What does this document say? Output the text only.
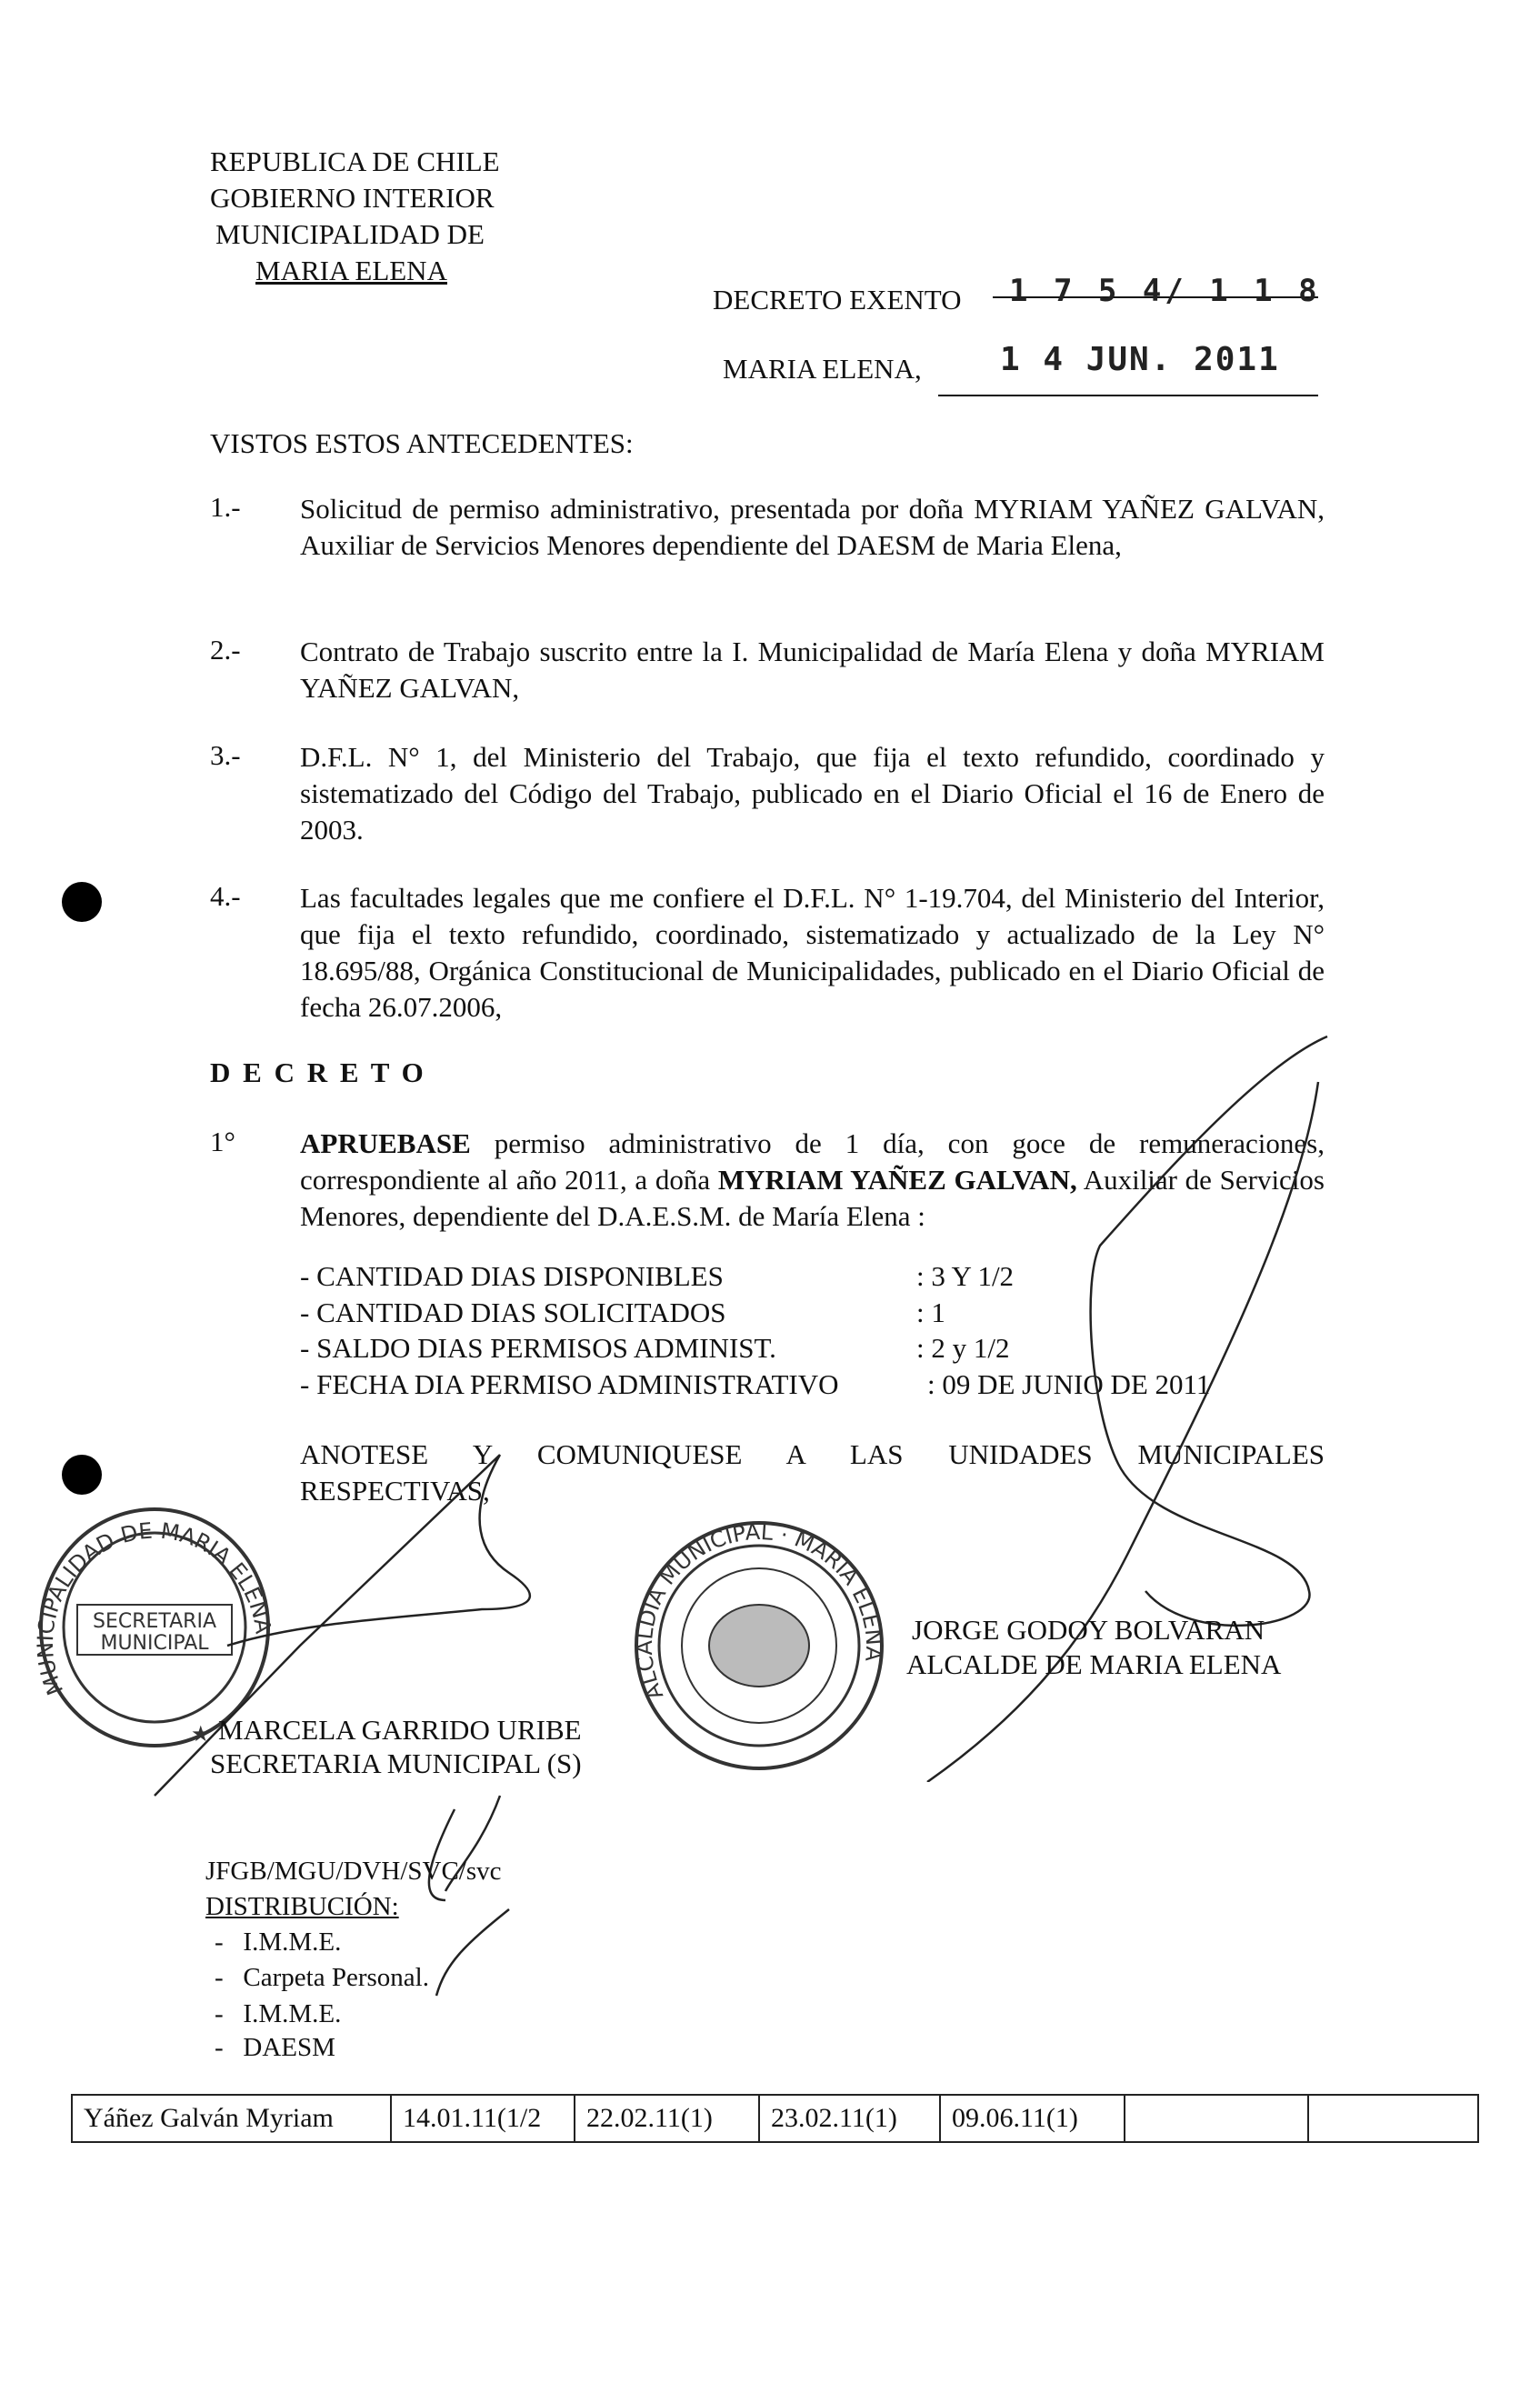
REPUBLICA DE CHILE
GOBIERNO INTERIOR
MUNICIPALIDAD DE
MARIA ELENA
DECRETO EXENTO 1 7 5 4/ 1 1 8
MARIA ELENA, 1 4 JUN. 2011
VISTOS ESTOS ANTECEDENTES:
1.- Solicitud de permiso administrativo, presentada por doña MYRIAM YAÑEZ GALVAN, Auxiliar de Servicios Menores dependiente del DAESM de Maria Elena,
2.- Contrato de Trabajo suscrito entre la I. Municipalidad de María Elena y doña MYRIAM YAÑEZ GALVAN,
3.- D.F.L. N° 1, del Ministerio del Trabajo, que fija el texto refundido, coordinado y sistematizado del Código del Trabajo, publicado en el Diario Oficial el 16 de Enero de 2003.
4.- Las facultades legales que me confiere el D.F.L. N° 1-19.704, del Ministerio del Interior, que fija el texto refundido, coordinado, sistematizado y actualizado de la Ley N° 18.695/88, Orgánica Constitucional de Municipalidades, publicado en el Diario Oficial de fecha 26.07.2006,
D E C R E T O
1° APRUEBASE permiso administrativo de 1 día, con goce de remuneraciones, correspondiente al año 2011, a doña MYRIAM YAÑEZ GALVAN, Auxiliar de Servicios Menores, dependiente del D.A.E.S.M. de María Elena :
- CANTIDAD DIAS DISPONIBLES	: 3 Y 1/2
- CANTIDAD DIAS SOLICITADOS	: 1
- SALDO DIAS PERMISOS ADMINIST.	: 2 y 1/2
- FECHA DIA PERMISO ADMINISTRATIVO	: 09 DE JUNIO DE 2011
ANOTESE Y COMUNIQUESE A LAS UNIDADES MUNICIPALES RESPECTIVAS,
SECRETARIA
MUNICIPAL
MUNICIPALIDAD DE MARIA ELENA
★
ALCALDIA MUNICIPAL · MARIA ELENA
MARCELA GARRIDO URIBE
SECRETARIA MUNICIPAL (S)
JORGE GODOY BOLVARAN
ALCALDE DE MARIA ELENA
JFGB/MGU/DVH/SVC/svc
DISTRIBUCIÓN:
-   I.M.M.E.
-   Carpeta Personal.
-   I.M.M.E.
-   DAESM
Yáñez Galván Myriam	14.01.11(1/2	22.02.11(1)	23.02.11(1)	09.06.11(1)		
